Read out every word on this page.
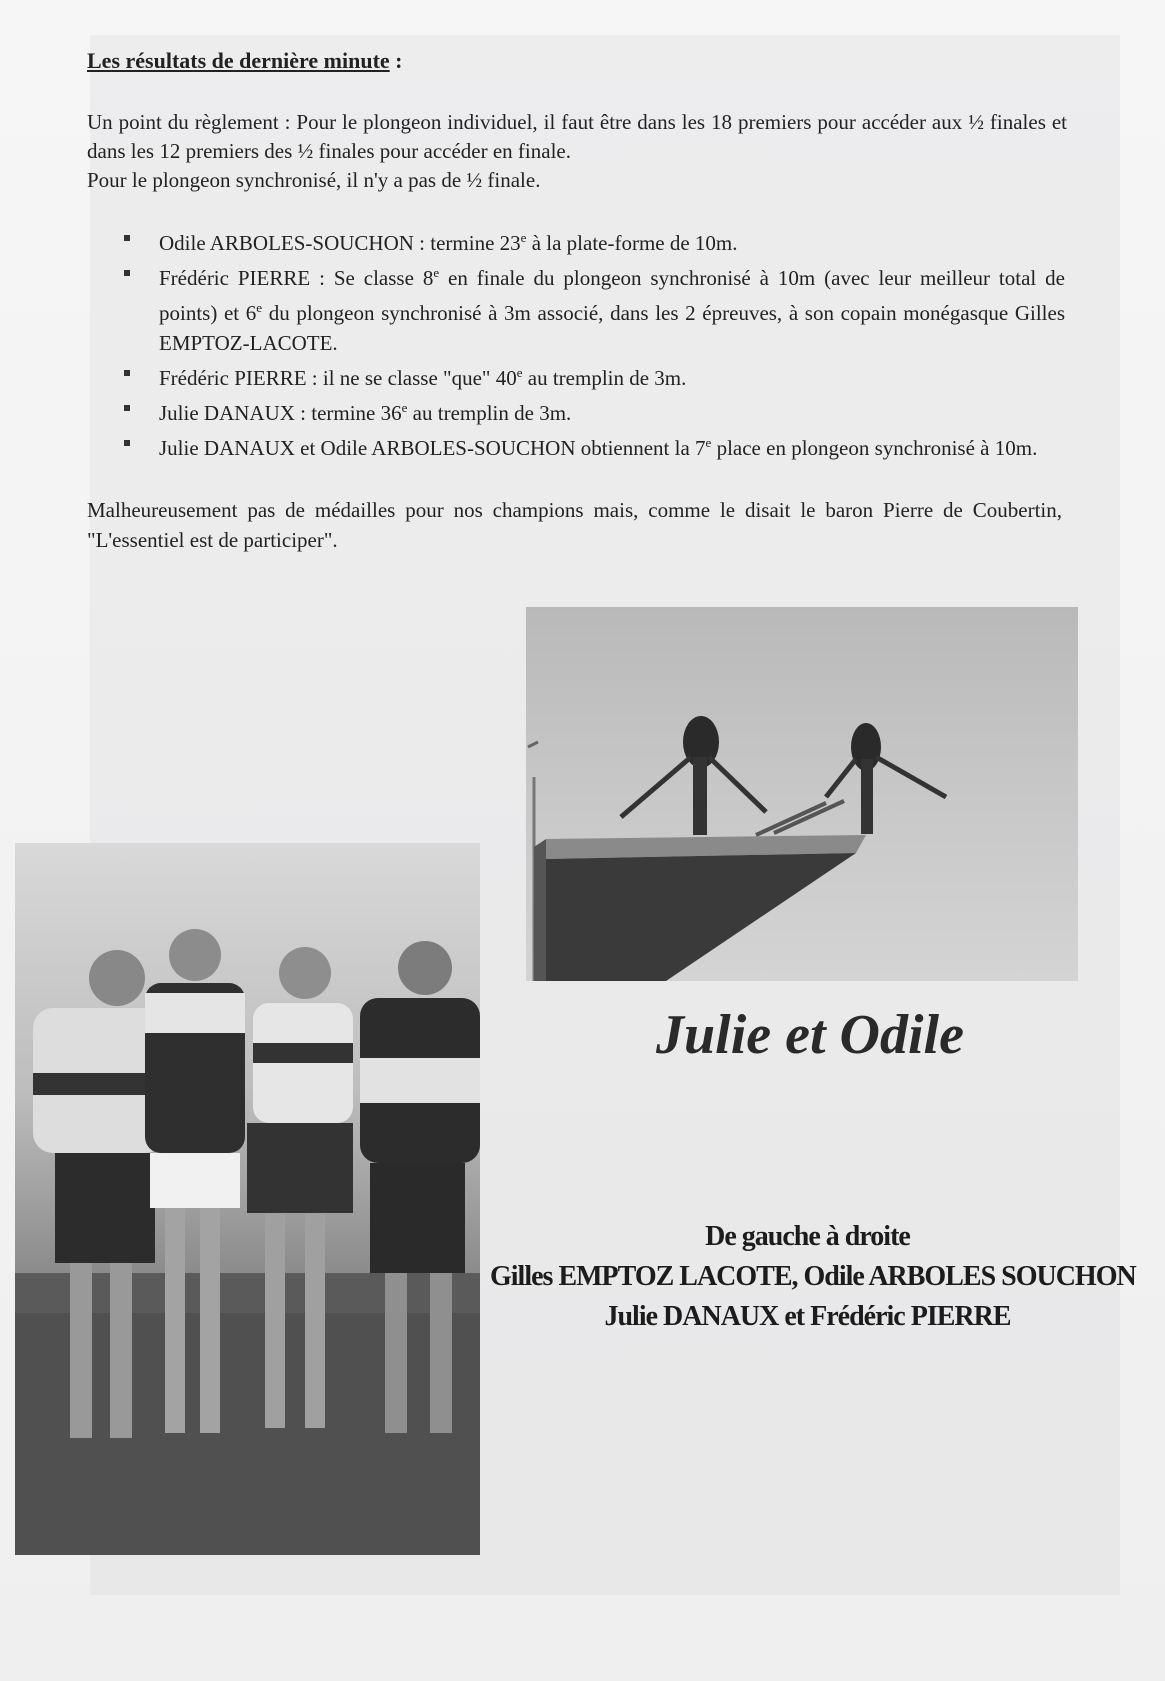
Les résultats de dernière minute :

Un point du règlement : Pour le plongeon individuel, il faut être dans les 18 premiers pour accéder aux ½ finales et dans les 12 premiers des ½ finales pour accéder en finale.

Pour le plongeon synchronisé, il n'y a pas de ½ finale.

Odile ARBOLES-SOUCHON : termine 23e à la plate-forme de 10m.
Frédéric PIERRE : Se classe 8e en finale du plongeon synchronisé à 10m (avec leur meilleur total de points) et 6e du plongeon synchronisé à 3m associé, dans les 2 épreuves, à son copain monégasque Gilles EMPTOZ-LACOTE.
Frédéric PIERRE : il ne se classe "que" 40e au tremplin de 3m.
Julie DANAUX : termine 36e au tremplin de 3m.
Julie DANAUX et Odile ARBOLES-SOUCHON obtiennent la 7e place en plongeon synchronisé à 10m.
Malheureusement pas de médailles pour nos champions mais, comme le disait le baron Pierre de Coubertin, "L'essentiel est de participer".
Julie et Odile
De gauche à droite
Gilles EMPTOZ LACOTE, Odile ARBOLES SOUCHON
Julie DANAUX et Frédéric PIERRE
